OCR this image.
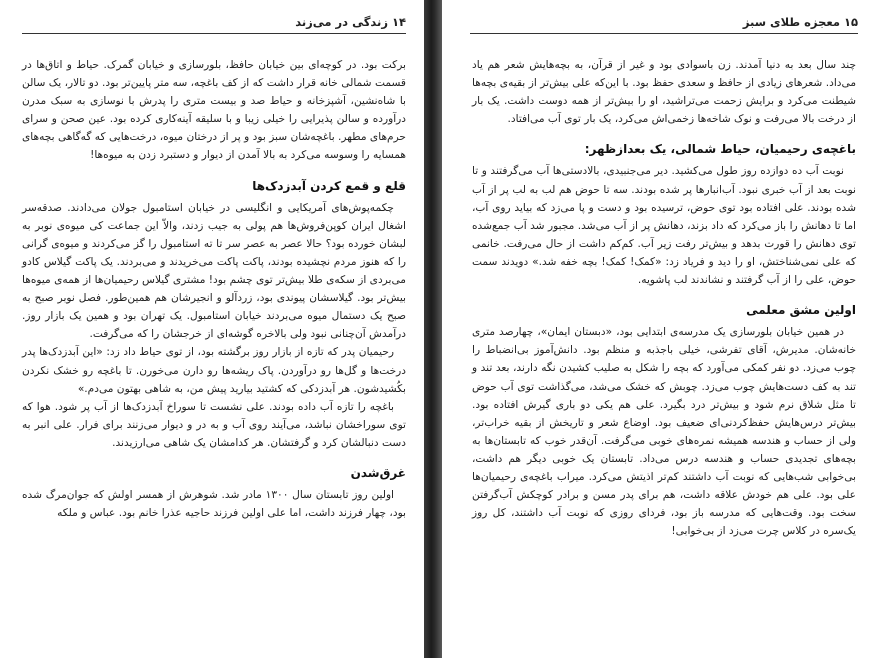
۱۴
زندگی در می‌زند

برکت بود. در کوچه‌ای بین خیابان حافظ، بلورسازی و خیابان گمرک. حیاط و اتاق‌ها در قسمت شمالی خانه قرار داشت که از کف باغچه، سه متر پایین‌تر بود. دو تالار، یک سالن با شاه‌نشین، آشپزخانه و حیاط صد و بیست متری را پدرش با نوسازی به سبک مدرن درآورده و سالن پذیرایی را خیلی زیبا و با سلیقه آینه‌کاری کرده بود. عین صحن و سرای حرم‌های مطهر. باغچه‌شان سبز بود و پر از درختان میوه، درخت‌هایی که گه‌گاهی بچه‌های همسایه را وسوسه می‌کرد به بالا آمدن از دیوار و دستبرد زدن به میوه‌ها!

قلع و قمع کردن آبدزدک‌ها

چکمه‌پوش‌های آمریکایی و انگلیسی در خیابان استامبول جولان می‌دادند. صدقه‌سر اشغال ایران کوپن‌فروش‌ها هم پولی به جیب زدند، والاّ این جماعت کی میوه‌ی نوبر به لبشان خورده بود؟ حالا عصر به عصر سر تا ته استامبول را گز می‌کردند و میوه‌ی گرانی را که هنوز مردم نچشیده بودند، پاکت پاکت می‌خریدند و می‌بردند. یک پاکت گیلاس کادو می‌بردی از سکه‌ی طلا بیش‌تر توی چشم بود! مشتری گیلاس رحیمیان‌ها از همه‌ی میوه‌ها بیش‌تر بود. گیلاسشان پیوندی بود، زردآلو و انجیرشان هم همین‌طور. فصل نوبر صبح به صبح یک دستمال میوه می‌بردند خیابان استامبول. یک تهران بود و همین یک بازار روز. درآمدش آن‌چنانی نبود ولی بالاخره گوشه‌ای از خرجشان را که می‌گرفت.

رحیمیان پدر که تازه از بازار روز برگشته بود، از توی حیاط داد زد: «این آبدزدک‌ها پدر درخت‌ها و گل‌ها رو درآوردن. پاک ریشه‌ها رو دارن می‌خورن. تا باغچه رو خشک نکردن بکُشیدشون. هر آبدزدکی که کشتید بیارید پیش من، به شاهی بهتون می‌دم.»

باغچه را تازه آب داده بودند. علی نشست تا سوراخ آبدزدک‌ها از آب پر شود. هوا که توی سوراخشان نباشد، می‌آیند روی آب و به در و دیوار می‌زنند برای فرار. علی انبر به دست دنبالشان کرد و گرفتشان. هر کدامشان یک شاهی می‌ارزیدند.

غرق‌شدن

اولین روز تابستان سال ۱۳۰۰ مادر شد. شوهرش از همسر اولش که جوان‌مرگ شده بود، چهار فرزند داشت، اما علی اولین فرزند حاجیه عذرا خانم بود. عباس و ملکه

۱۵
معجزه طلای سبز

چند سال بعد به دنیا آمدند. زن باسوادی بود و غیر از قرآن، به بچه‌هایش شعر هم یاد می‌داد. شعرهای زیادی از حافظ و سعدی حفظ بود. با این‌که علی بیش‌تر از بقیه‌ی بچه‌ها شیطنت می‌کرد و برایش زحمت می‌تراشید، او را بیش‌تر از همه دوست داشت. یک بار از درخت بالا می‌رفت و نوک شاخه‌ها زخمی‌اش می‌کرد، یک بار توی آب می‌افتاد.

باغچه‌ی رحیمیان، حیاط شمالی، یک بعدازظهر:

نوبت آب ده دوازده روز طول می‌کشید. دیر می‌جنبیدی، بالادستی‌ها آب می‌گرفتند و تا نوبت بعد از آب خبری نبود. آب‌انبارها پر شده بودند. سه تا حوض هم لب به لب پر از آب شده بودند. علی افتاده بود توی حوض، ترسیده بود و دست و پا می‌زد که بیاید روی آب، اما تا دهانش را باز می‌کرد که داد بزند، دهانش پر از آب می‌شد. مجبور شد آب جمع‌شده توی دهانش را قورت بدهد و بیش‌تر رفت زیر آب. کم‌کم داشت از حال می‌رفت. خانمی که علی نمی‌شناختش، او را دید و فریاد زد: «کمک! کمک! بچه خفه شد.» دویدند سمت حوض، علی را از آب گرفتند و نشاندند لب پاشویه.

اولین مشق معلمی

در همین خیابان بلورسازی یک مدرسه‌ی ابتدایی بود، «دبستان ایمان»، چهارصد متری خانه‌شان. مدیرش، آقای تفرشی، خیلی باجذبه و منظم بود. دانش‌آموز بی‌انضباط را چوب می‌زد. دو نفر کمکی می‌آورد که بچه را شکل به صلیب کشیدن نگه دارند، بعد تند و تند به کف دست‌هایش چوب می‌زد. چوبش که خشک می‌شد، می‌گذاشت توی آب حوض تا مثل شلاق نرم شود و بیش‌تر درد بگیرد. علی هم یکی دو باری گیرش افتاده بود. بیش‌تر درس‌هایش حفظ‌کردنی‌ای ضعیف بود. اوضاع شعر و تاریخش از بقیه خراب‌تر، ولی از حساب و هندسه همیشه نمره‌های خوبی می‌گرفت. آن‌قدر خوب که تابستان‌ها به بچه‌های تجدیدی حساب و هندسه درس می‌داد. تابستان یک خوبی دیگر هم داشت، بی‌خوابی شب‌هایی که نوبت آب داشتند کم‌تر اذیتش می‌کرد. میراب باغچه‌ی رحیمیان‌ها علی بود. علی هم خودش علاقه داشت، هم برای پدر مسن و برادر کوچکش آب‌گرفتن سخت بود. وقت‌هایی که مدرسه باز بود، فردای روزی که نوبت آب داشتند، کل روز یک‌سره در کلاس چرت می‌زد از بی‌خوابی!
